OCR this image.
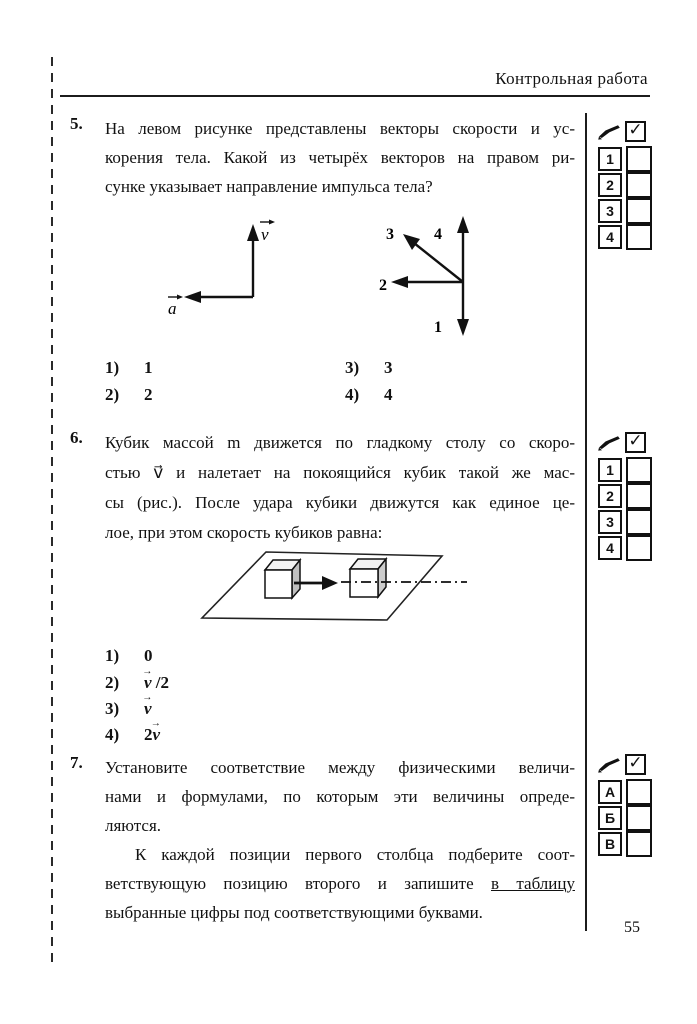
Контрольная работа
5. На левом рисунке представлены векторы скорости и ус-
корения тела. Какой из четырёх векторов на правом ри-
сунке указывает направление импульса тела?
v
a
3	4
2
1
1)	1
2)	2
3)	3
4)	4
✓
1
2
3
4
6. Кубик массой m движется по гладкому столу со скоро-
стью v⃗ и налетает на покоящийся кубик такой же мас-
сы (рис.). После удара кубики движутся как единое це-
лое, при этом скорость кубиков равна:
1)	0
2)	v → /2
3)	v →
4)	2v →
✓
1
2
3
4
7. Установите соответствие между физическими величи-
нами и формулами, по которым эти величины опреде-
ляются.
К каждой позиции первого столбца подберите соот-
ветствующую позицию второго и запишите в таблицу
выбранные цифры под соответствующими буквами.
✓
А
Б
В
55
